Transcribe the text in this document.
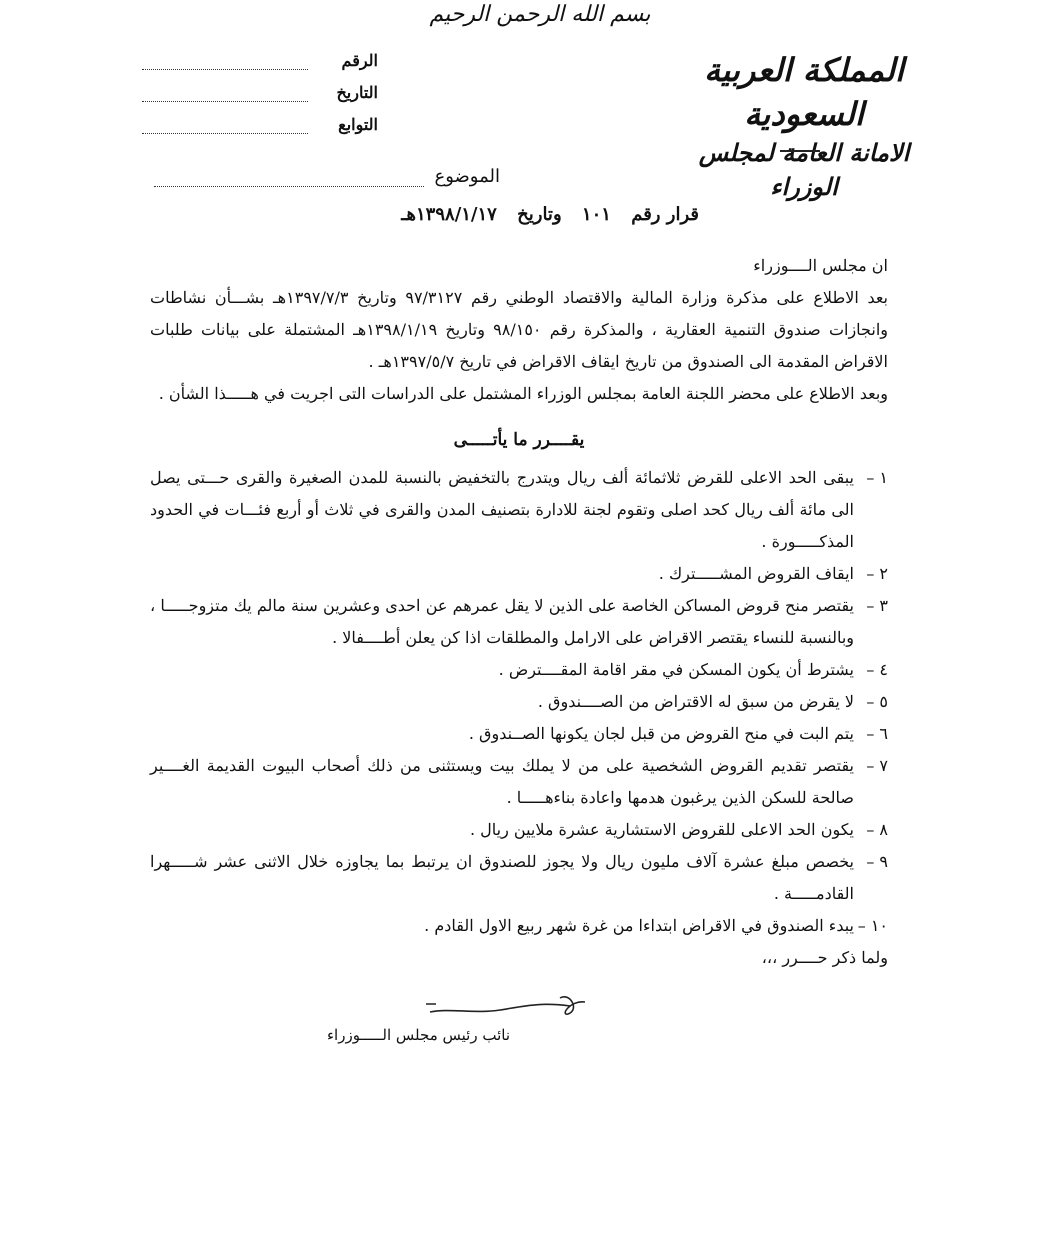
بسم الله الرحمن الرحيم
المملكة العربية السعودية
الامانة العامة لمجلس الوزراء
الرقم
التاريخ
التوابع
الموضوع
قرار رقم ١٠١ وتاريخ ١٣٩٨/١/١٧هـ

ان مجلس الــــوزراء

بعد الاطلاع على مذكرة وزارة المالية والاقتصاد الوطني رقم ٩٧/٣١٢٧ وتاريخ ١٣٩٧/٧/٣هـ بشـــأن نشاطات وانجازات صندوق التنمية العقارية ، والمذكرة رقم ٩٨/١٥٠ وتاريخ ١٣٩٨/١/١٩هـ المشتملة على بيانات طلبات الاقراض المقدمة الى الصندوق من تاريخ ايقاف الاقراض في تاريخ ١٣٩٧/٥/٧هـ .

وبعد الاطلاع على محضر اللجنة العامة بمجلس الوزراء المشتمل على الدراسات التى اجريت في هـــــذا الشأن .

يقــــرر ما يأتـــــى
١ –
يبقى الحد الاعلى للقرض ثلاثمائة ألف ريال ويتدرج بالتخفيض بالنسبة للمدن الصغيرة والقرى حـــتى يصل الى مائة ألف ريال كحد اصلى وتقوم لجنة للادارة بتصنيف المدن والقرى في ثلاث أو أربع فئـــات في الحدود المذكـــــورة .
٢ –
ايقاف القروض المشـــــترك .
٣ –
يقتصر منح قروض المساكن الخاصة على الذين لا يقل عمرهم عن احدى وعشرين سنة مالم يك متزوجـــــا ، وبالنسبة للنساء يقتصر الاقراض على الارامل والمطلقات اذا كن يعلن أطــــفالا .
٤ –
يشترط أن يكون المسكن في مقر اقامة المقــــترض .
٥ –
لا يقرض من سبق له الاقتراض من الصــــندوق .
٦ –
يتم البت في منح القروض من قبل لجان يكونها الصــندوق .
٧ –
يقتصر تقديم القروض الشخصية على من لا يملك بيت ويستثنى من ذلك أصحاب البيوت القديمة الغــــير صالحة للسكن الذين يرغبون هدمها واعادة بناءهـــــا .
٨ –
يكون الحد الاعلى للقروض الاستشارية عشرة ملايين ريال .
٩ –
يخصص مبلغ عشرة آلاف مليون ريال ولا يجوز للصندوق ان يرتبط بما يجاوزه خلال الاثنى عشر شـــــهرا القادمـــــة .
١٠ –
يبدء الصندوق في الاقراض ابتداءا من غرة شهر ربيع الاول القادم .

ولما ذكر حــــرر ،،،

نائب رئيس مجلس الـــــوزراء
